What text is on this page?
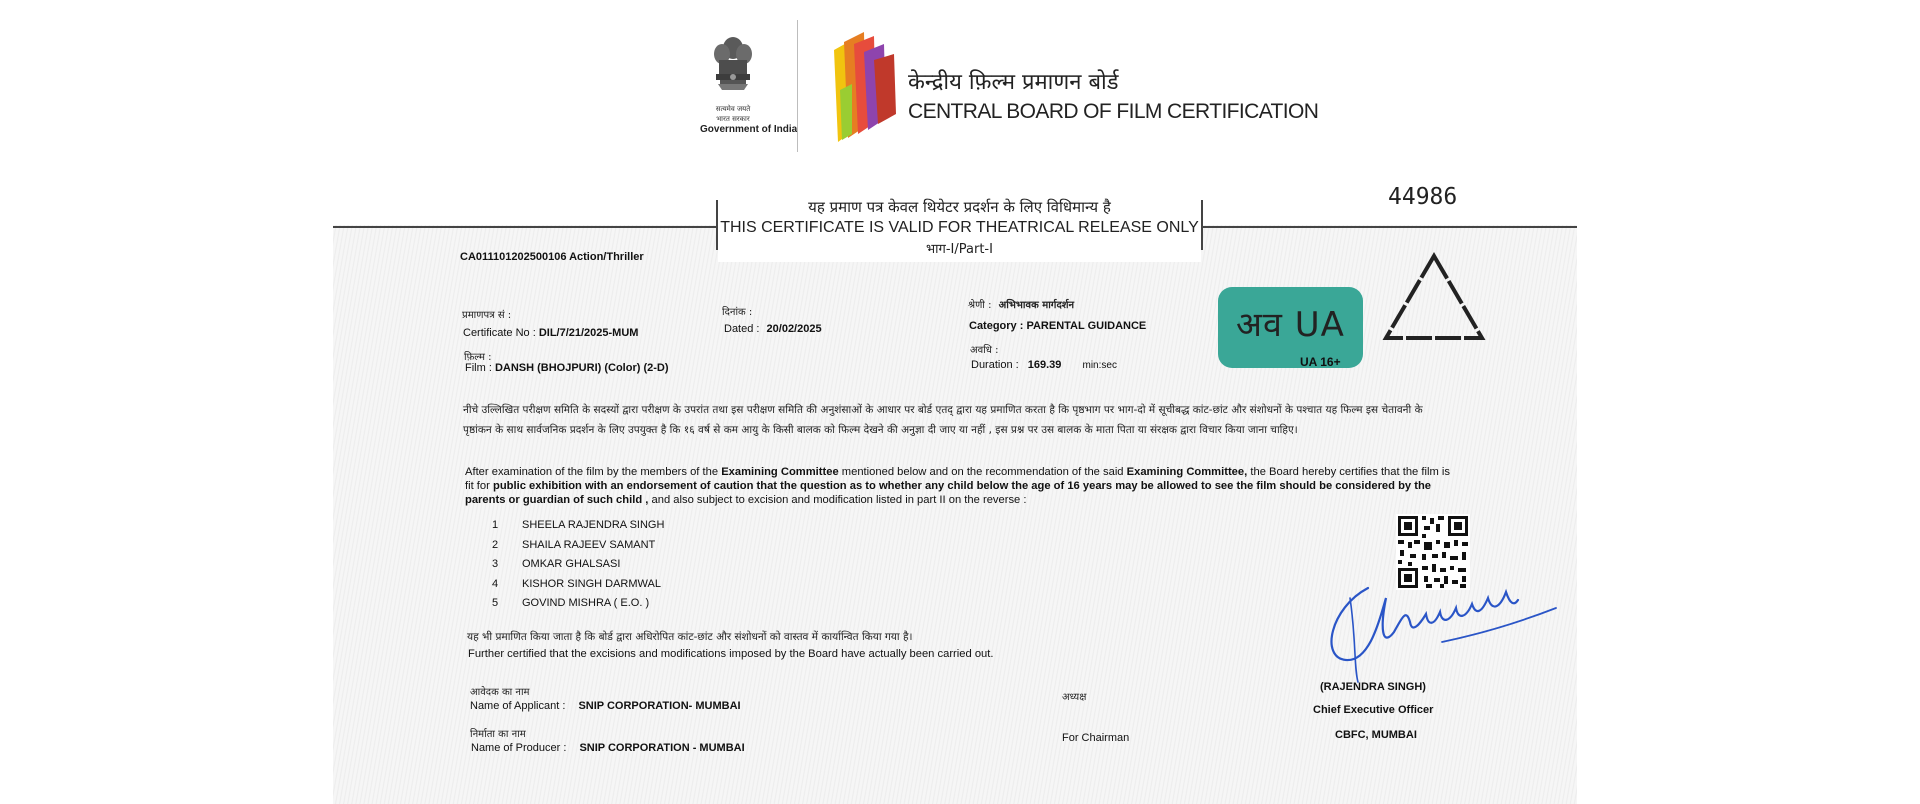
सत्यमेव जयते
भारत सरकार
Government of India
केन्द्रीय फ़िल्म प्रमाणन बोर्ड
CENTRAL BOARD OF FILM CERTIFICATION
यह प्रमाण पत्र केवल थियेटर प्रदर्शन के लिए विधिमान्य है
THIS CERTIFICATE IS VALID FOR THEATRICAL RELEASE ONLY
भाग-I/Part-I
44986
CA011101202500106 Action/Thriller
प्रमाणपत्र सं :
Certificate No : DIL/7/21/2025-MUM
फ़िल्म :
Film : DANSH (BHOJPURI) (Color) (2-D)
दिनांक :
Dated : 20/02/2025
श्रेणी : अभिभावक मार्गदर्शन
Category : PARENTAL GUIDANCE
अवधि :
Duration : 169.39 min:sec
अव UA
UA 16+
नीचे उल्लिखित परीक्षण समिति के सदस्यों द्वारा परीक्षण के उपरांत तथा इस परीक्षण समिति की अनुशंसाओं के आधार पर बोर्ड एतद् द्वारा यह प्रमाणित करता है कि पृष्ठभाग पर भाग-दो में सूचीबद्ध कांट-छांट और संशोधनों के पश्चात यह फिल्म इस चेतावनी के पृष्ठांकन के साथ सार्वजनिक प्रदर्शन के लिए उपयुक्त है कि १६ वर्ष से कम आयु के किसी बालक को फिल्म देखने की अनुज्ञा दी जाए या नहीं , इस प्रश्न पर उस बालक के माता पिता या संरक्षक द्वारा विचार किया जाना चाहिए।
After examination of the film by the members of the Examining Committee mentioned below and on the recommendation of the said Examining Committee, the Board hereby certifies that the film is fit for public exhibition with an endorsement of caution that the question as to whether any child below the age of 16 years may be allowed to see the film should be considered by the parents or guardian of such child , and also subject to excision and modification listed in part II on the reverse :
1 SHEELA RAJENDRA SINGH
2 SHAILA RAJEEV SAMANT
3 OMKAR GHALSASI
4 KISHOR SINGH DARMWAL
5 GOVIND MISHRA ( E.O. )
यह भी प्रमाणित किया जाता है कि बोर्ड द्वारा अधिरोपित कांट-छांट और संशोधनों को वास्तव में कार्यान्वित किया गया है।
Further certified that the excisions and modifications imposed by the Board have actually been carried out.
आवेदक का नाम
Name of Applicant : SNIP CORPORATION- MUMBAI
निर्माता का नाम
Name of Producer : SNIP CORPORATION - MUMBAI
अध्यक्ष
For Chairman
(RAJENDRA SINGH)
Chief Executive Officer
CBFC, MUMBAI
